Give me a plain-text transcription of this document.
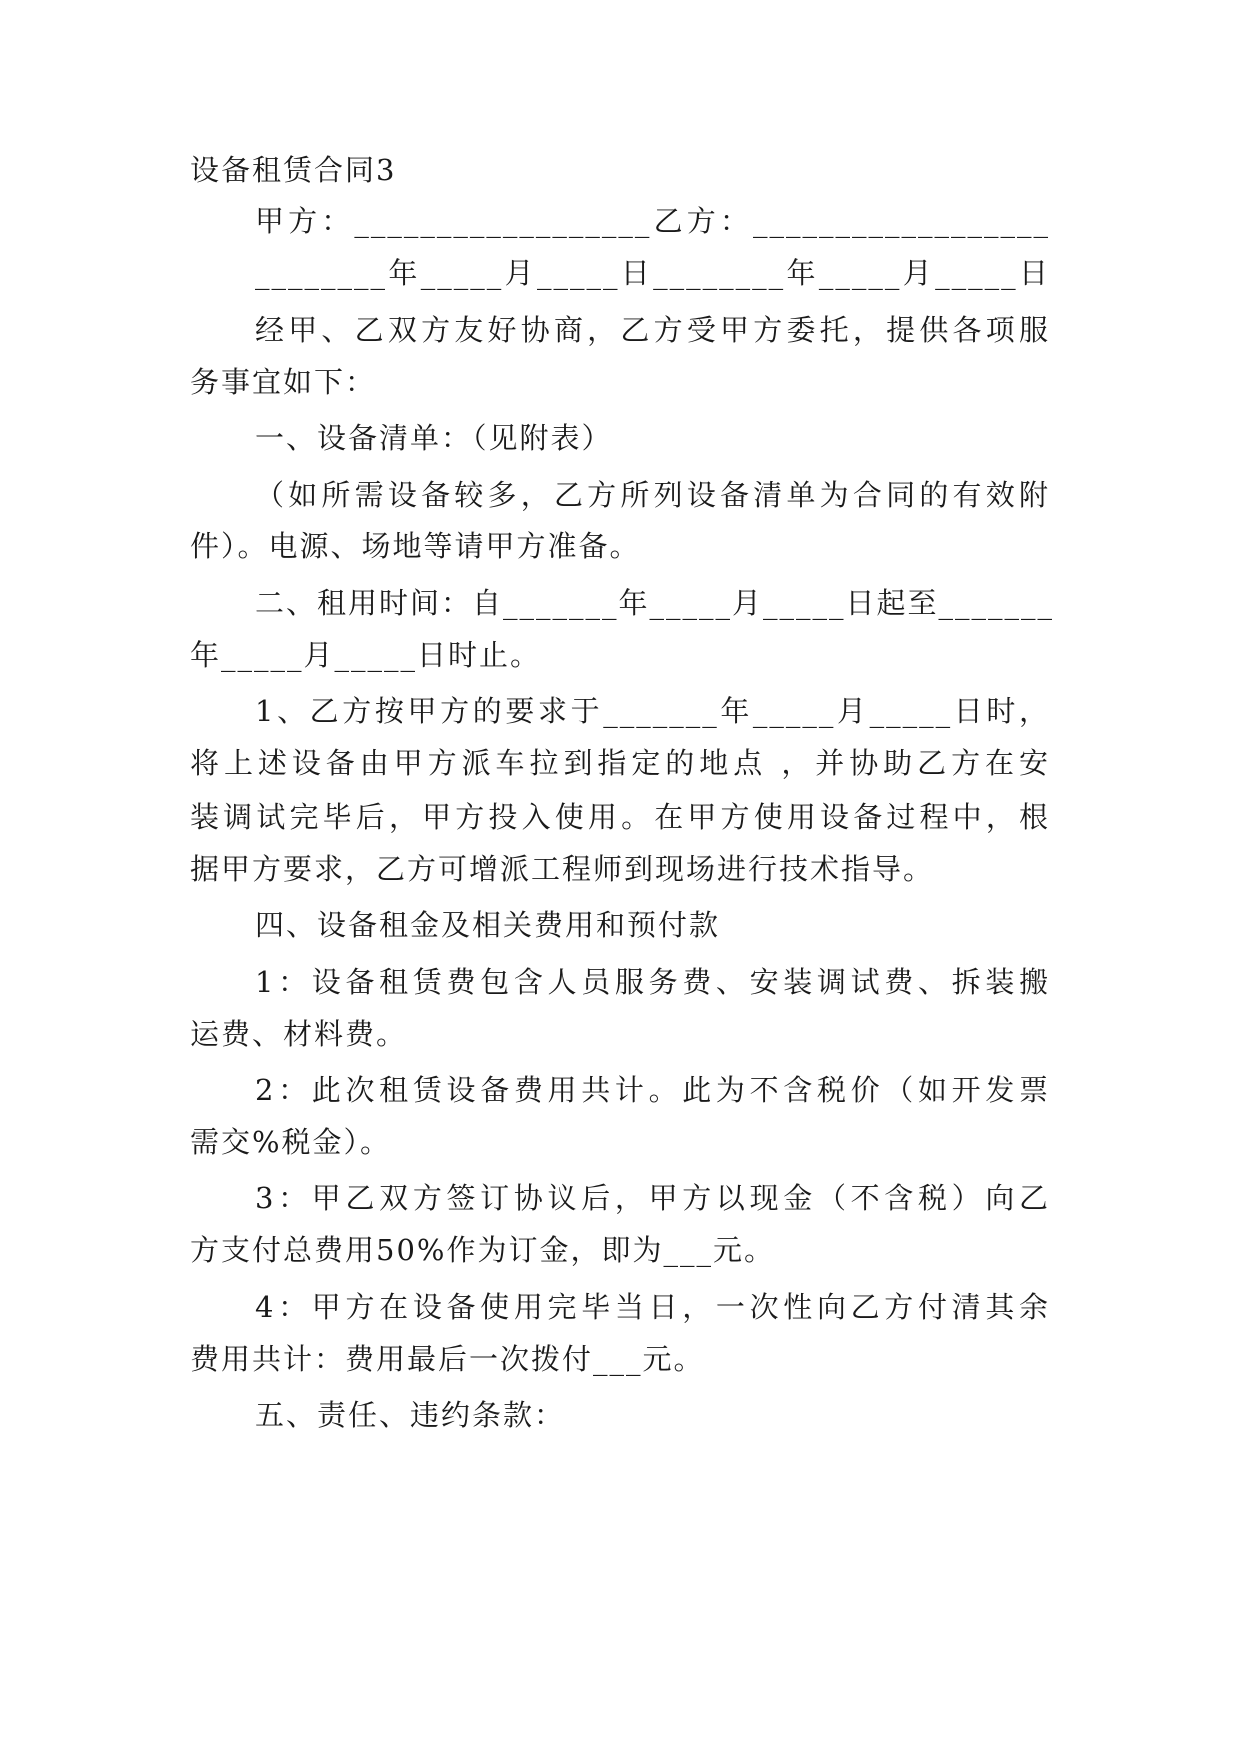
设备租赁合同3
甲方：__________________乙方：__________________
________年_____月_____日________年_____月_____日
经甲、乙双方友好协商，乙方受甲方委托，提供各项服
务事宜如下：
一、设备清单：（见附表）
（如所需设备较多，乙方所列设备清单为合同的有效附
件）。电源、场地等请甲方准备。
二、租用时间：自_______年_____月_____日起至_______
年_____月_____日时止。
1、乙方按甲方的要求于_______年_____月_____日时，
将上述设备由甲方派车拉到指定的地点 ，并协助乙方在安
装调试完毕后，甲方投入使用。在甲方使用设备过程中，根
据甲方要求，乙方可增派工程师到现场进行技术指导。
四、设备租金及相关费用和预付款
1：设备租赁费包含人员服务费、安装调试费、拆装搬
运费、材料费。
2：此次租赁设备费用共计。此为不含税价（如开发票
需交%税金）。
3：甲乙双方签订协议后，甲方以现金（不含税）向乙
方支付总费用50%作为订金，即为___元。
4：甲方在设备使用完毕当日，一次性向乙方付清其余
费用共计：费用最后一次拨付___元。
五、责任、违约条款：
